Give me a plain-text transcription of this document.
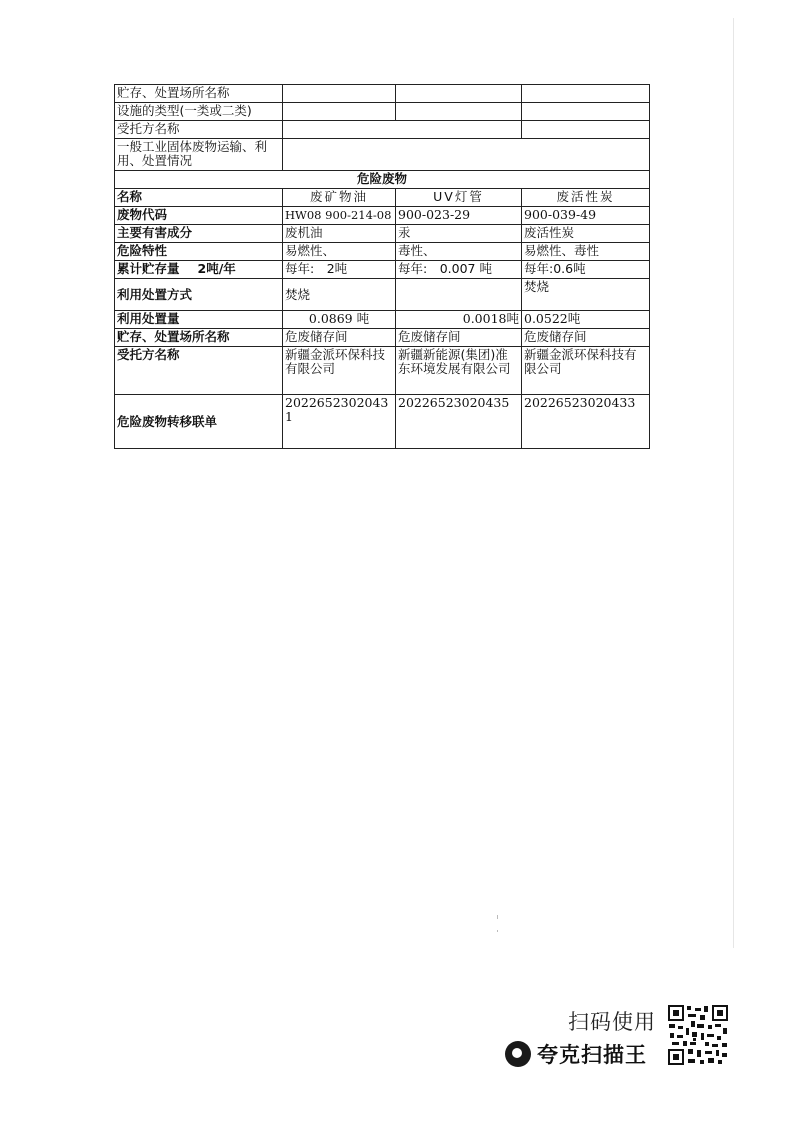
贮存、处置场所名称			
设施的类型(一类或二类)			
受托方名称			
一般工业固体废物运输、利用、处置情况			
危险废物			
名称	废矿物油	UV灯管	废活性炭
废物代码	HW08 900-214-08	900-023-29	900-039-49
主要有害成分	废机油	汞	废活性炭
危险特性	易燃性、	毒性、	易燃性、毒性
累计贮存量 2吨/年	每年:　2吨	每年:　0.007 吨	每年:0.6吨
利用处置方式	焚烧		焚烧
利用处置量	0.0869 吨	0.0018吨	0.0522吨
贮存、处置场所名称	危废储存间	危废储存间	危废储存间
受托方名称	新疆金派环保科技有限公司	新疆新能源(集团)准东环境发展有限公司	新疆金派环保科技有限公司
危险废物转移联单	20226523020431	20226523020435	20226523020433
扫码使用
夸克扫描王
